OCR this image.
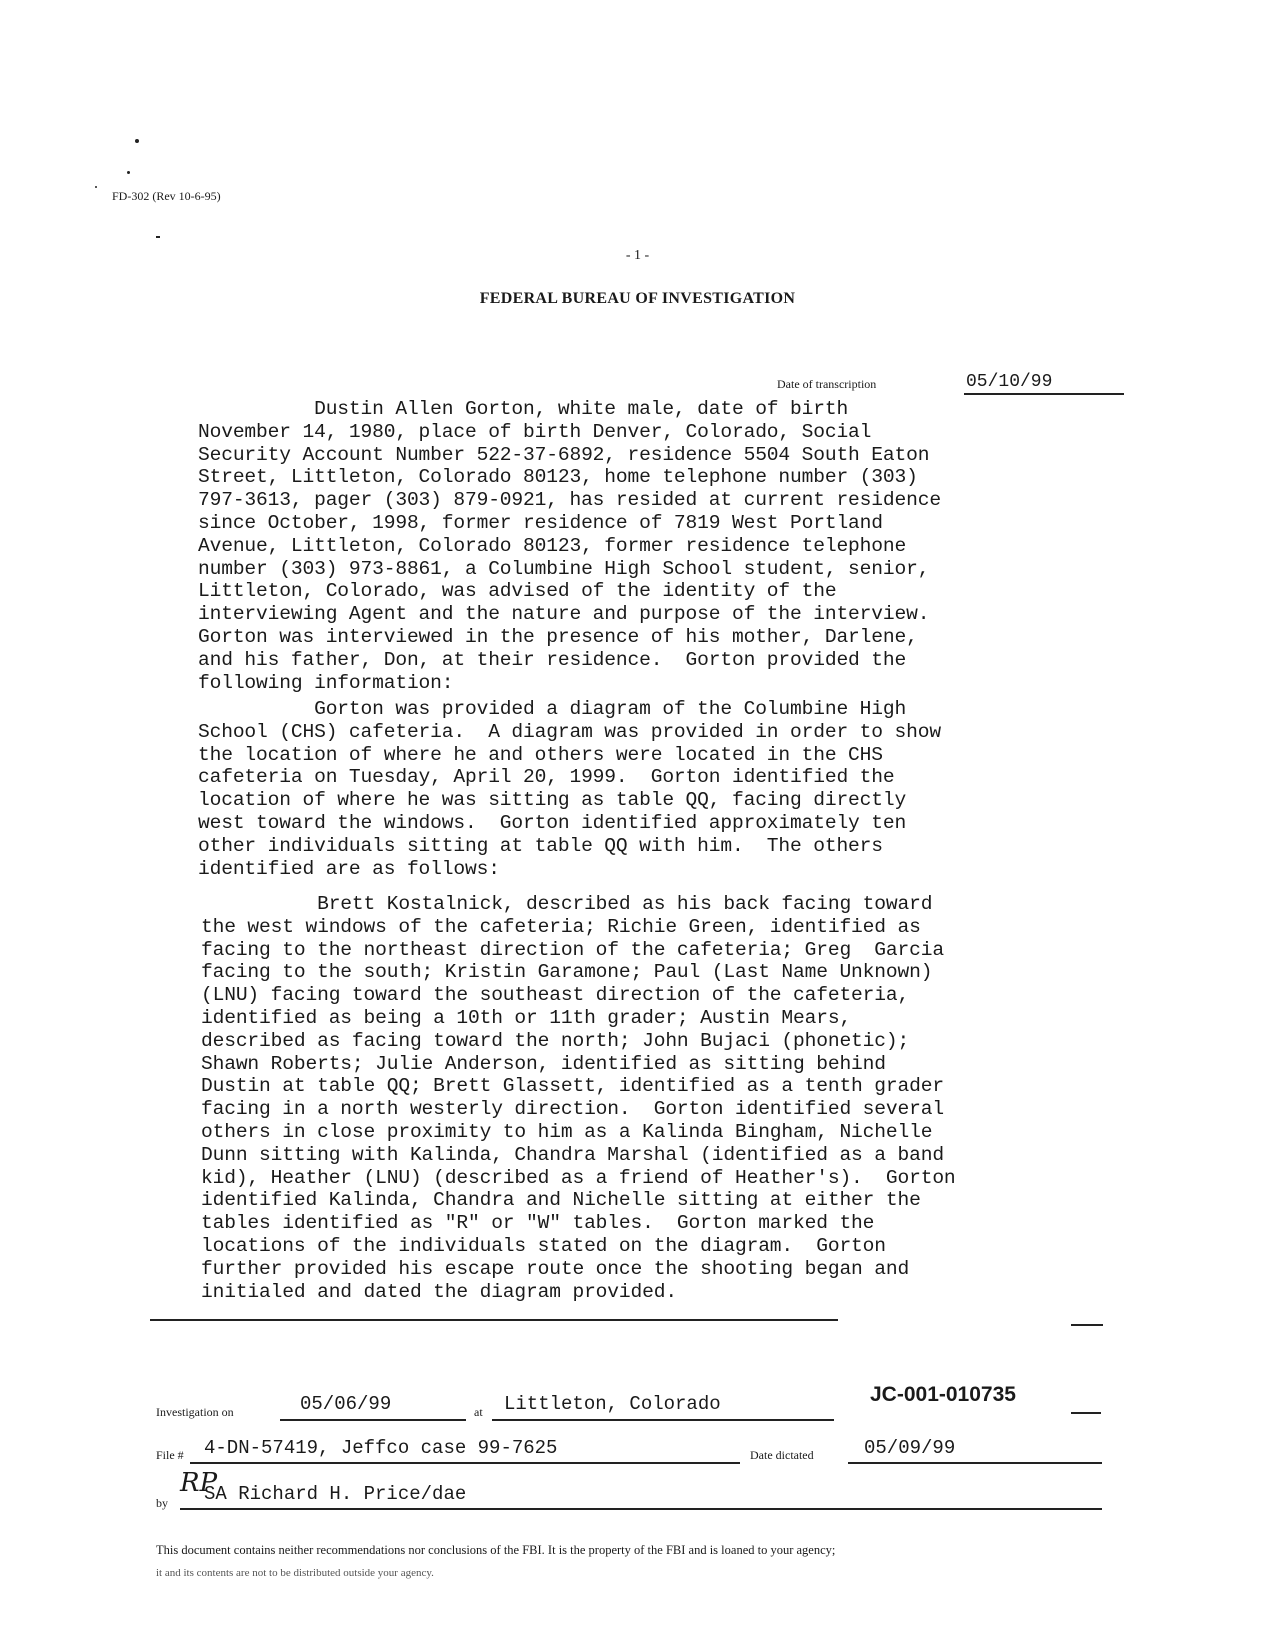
FD-302 (Rev 10-6-95)
- 1 -
FEDERAL BUREAU OF INVESTIGATION
Date of transcription	05/10/99
Dustin Allen Gorton, white male, date of birth
November 14, 1980, place of birth Denver, Colorado, Social
Security Account Number 522-37-6892, residence 5504 South Eaton
Street, Littleton, Colorado 80123, home telephone number (303)
797-3613, pager (303) 879-0921, has resided at current residence
since October, 1998, former residence of 7819 West Portland
Avenue, Littleton, Colorado 80123, former residence telephone
number (303) 973-8861, a Columbine High School student, senior,
Littleton, Colorado, was advised of the identity of the
interviewing Agent and the nature and purpose of the interview.
Gorton was interviewed in the presence of his mother, Darlene,
and his father, Don, at their residence.  Gorton provided the
following information:
Gorton was provided a diagram of the Columbine High
School (CHS) cafeteria.  A diagram was provided in order to show
the location of where he and others were located in the CHS
cafeteria on Tuesday, April 20, 1999.  Gorton identified the
location of where he was sitting as table QQ, facing directly
west toward the windows.  Gorton identified approximately ten
other individuals sitting at table QQ with him.  The others
identified are as follows:
Brett Kostalnick, described as his back facing toward
the west windows of the cafeteria; Richie Green, identified as
facing to the northeast direction of the cafeteria; Greg  Garcia
facing to the south; Kristin Garamone; Paul (Last Name Unknown)
(LNU) facing toward the southeast direction of the cafeteria,
identified as being a 10th or 11th grader; Austin Mears,
described as facing toward the north; John Bujaci (phonetic);
Shawn Roberts; Julie Anderson, identified as sitting behind
Dustin at table QQ; Brett Glassett, identified as a tenth grader
facing in a north westerly direction.  Gorton identified several
others in close proximity to him as a Kalinda Bingham, Nichelle
Dunn sitting with Kalinda, Chandra Marshal (identified as a band
kid), Heather (LNU) (described as a friend of Heather's).  Gorton
identified Kalinda, Chandra and Nichelle sitting at either the
tables identified as "R" or "W" tables.  Gorton marked the
locations of the individuals stated on the diagram.  Gorton
further provided his escape route once the shooting began and
initialed and dated the diagram provided.
Investigation on	05/06/99	at Littleton, Colorado	JC-001-010735
File # 4-DN-57419, Jeffco case 99-7625	Date dictated	05/09/99
RP
by SA Richard H. Price/dae
This document contains neither recommendations nor conclusions of the FBI. It is the property of the FBI and is loaned to your agency;
it and its contents are not to be distributed outside your agency.
